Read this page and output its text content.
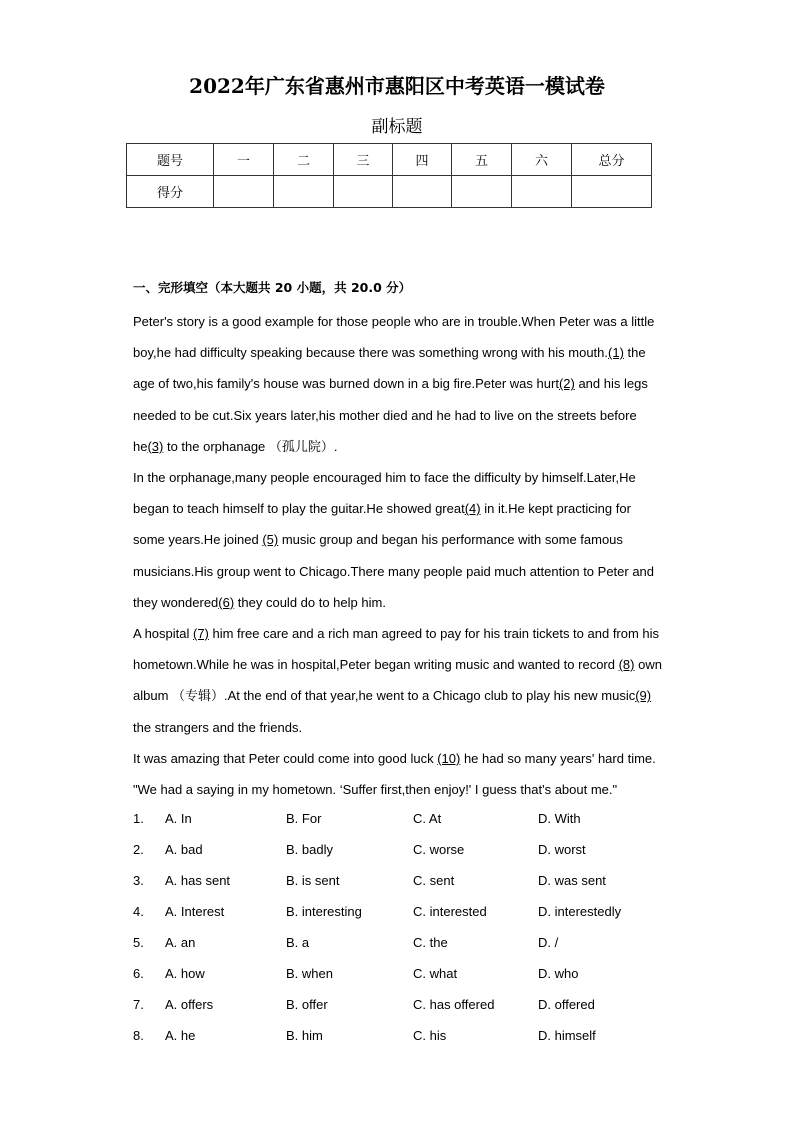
2022年广东省惠州市惠阳区中考英语一模试卷
副标题
题号	一	二	三	四	五	六	总分
得分							
一、完形填空（本大题共 20 小题，共 20.0 分）

Peter's story is a good example for those people who are in trouble.When Peter was a little boy,he had difficulty speaking because there was something wrong with his mouth.(1) the age of two,his family's house was burned down in a big fire.Peter was hurt(2) and his legs needed to be cut.Six years later,his mother died and he had to live on the streets before he(3) to the orphanage （孤儿院）.

In the orphanage,many people encouraged him to face the difficulty by himself.Later,He began to teach himself to play the guitar.He showed great(4) in it.He kept practicing for some years.He joined (5) music group and began his performance with some famous musicians.His group went to Chicago.There many people paid much attention to Peter and they wondered(6) they could do to help him.

A hospital (7) him free care and a rich man agreed to pay for his train tickets to and from his hometown.While he was in hospital,Peter began writing music and wanted to record (8) own album （专辑）.At the end of that year,he went to a Chicago club to play his new music(9) the strangers and the friends.

It was amazing that Peter could come into good luck (10) he had so many years' hard time.

"We had a saying in my hometown. ‘Suffer first,then enjoy!' I guess that's about me."

1. A. In	B. For	C. At	D. With
2. A. bad	B. badly	C. worse	D. worst
3. A. has sent	B. is sent	C. sent	D. was sent
4. A. Interest	B. interesting	C. interested	D. interestedly
5. A. an	B. a	C. the	D. /
6. A. how	B. when	C. what	D. who
7. A. offers	B. offer	C. has offered	D. offered
8. A. he	B. him	C. his	D. himself
